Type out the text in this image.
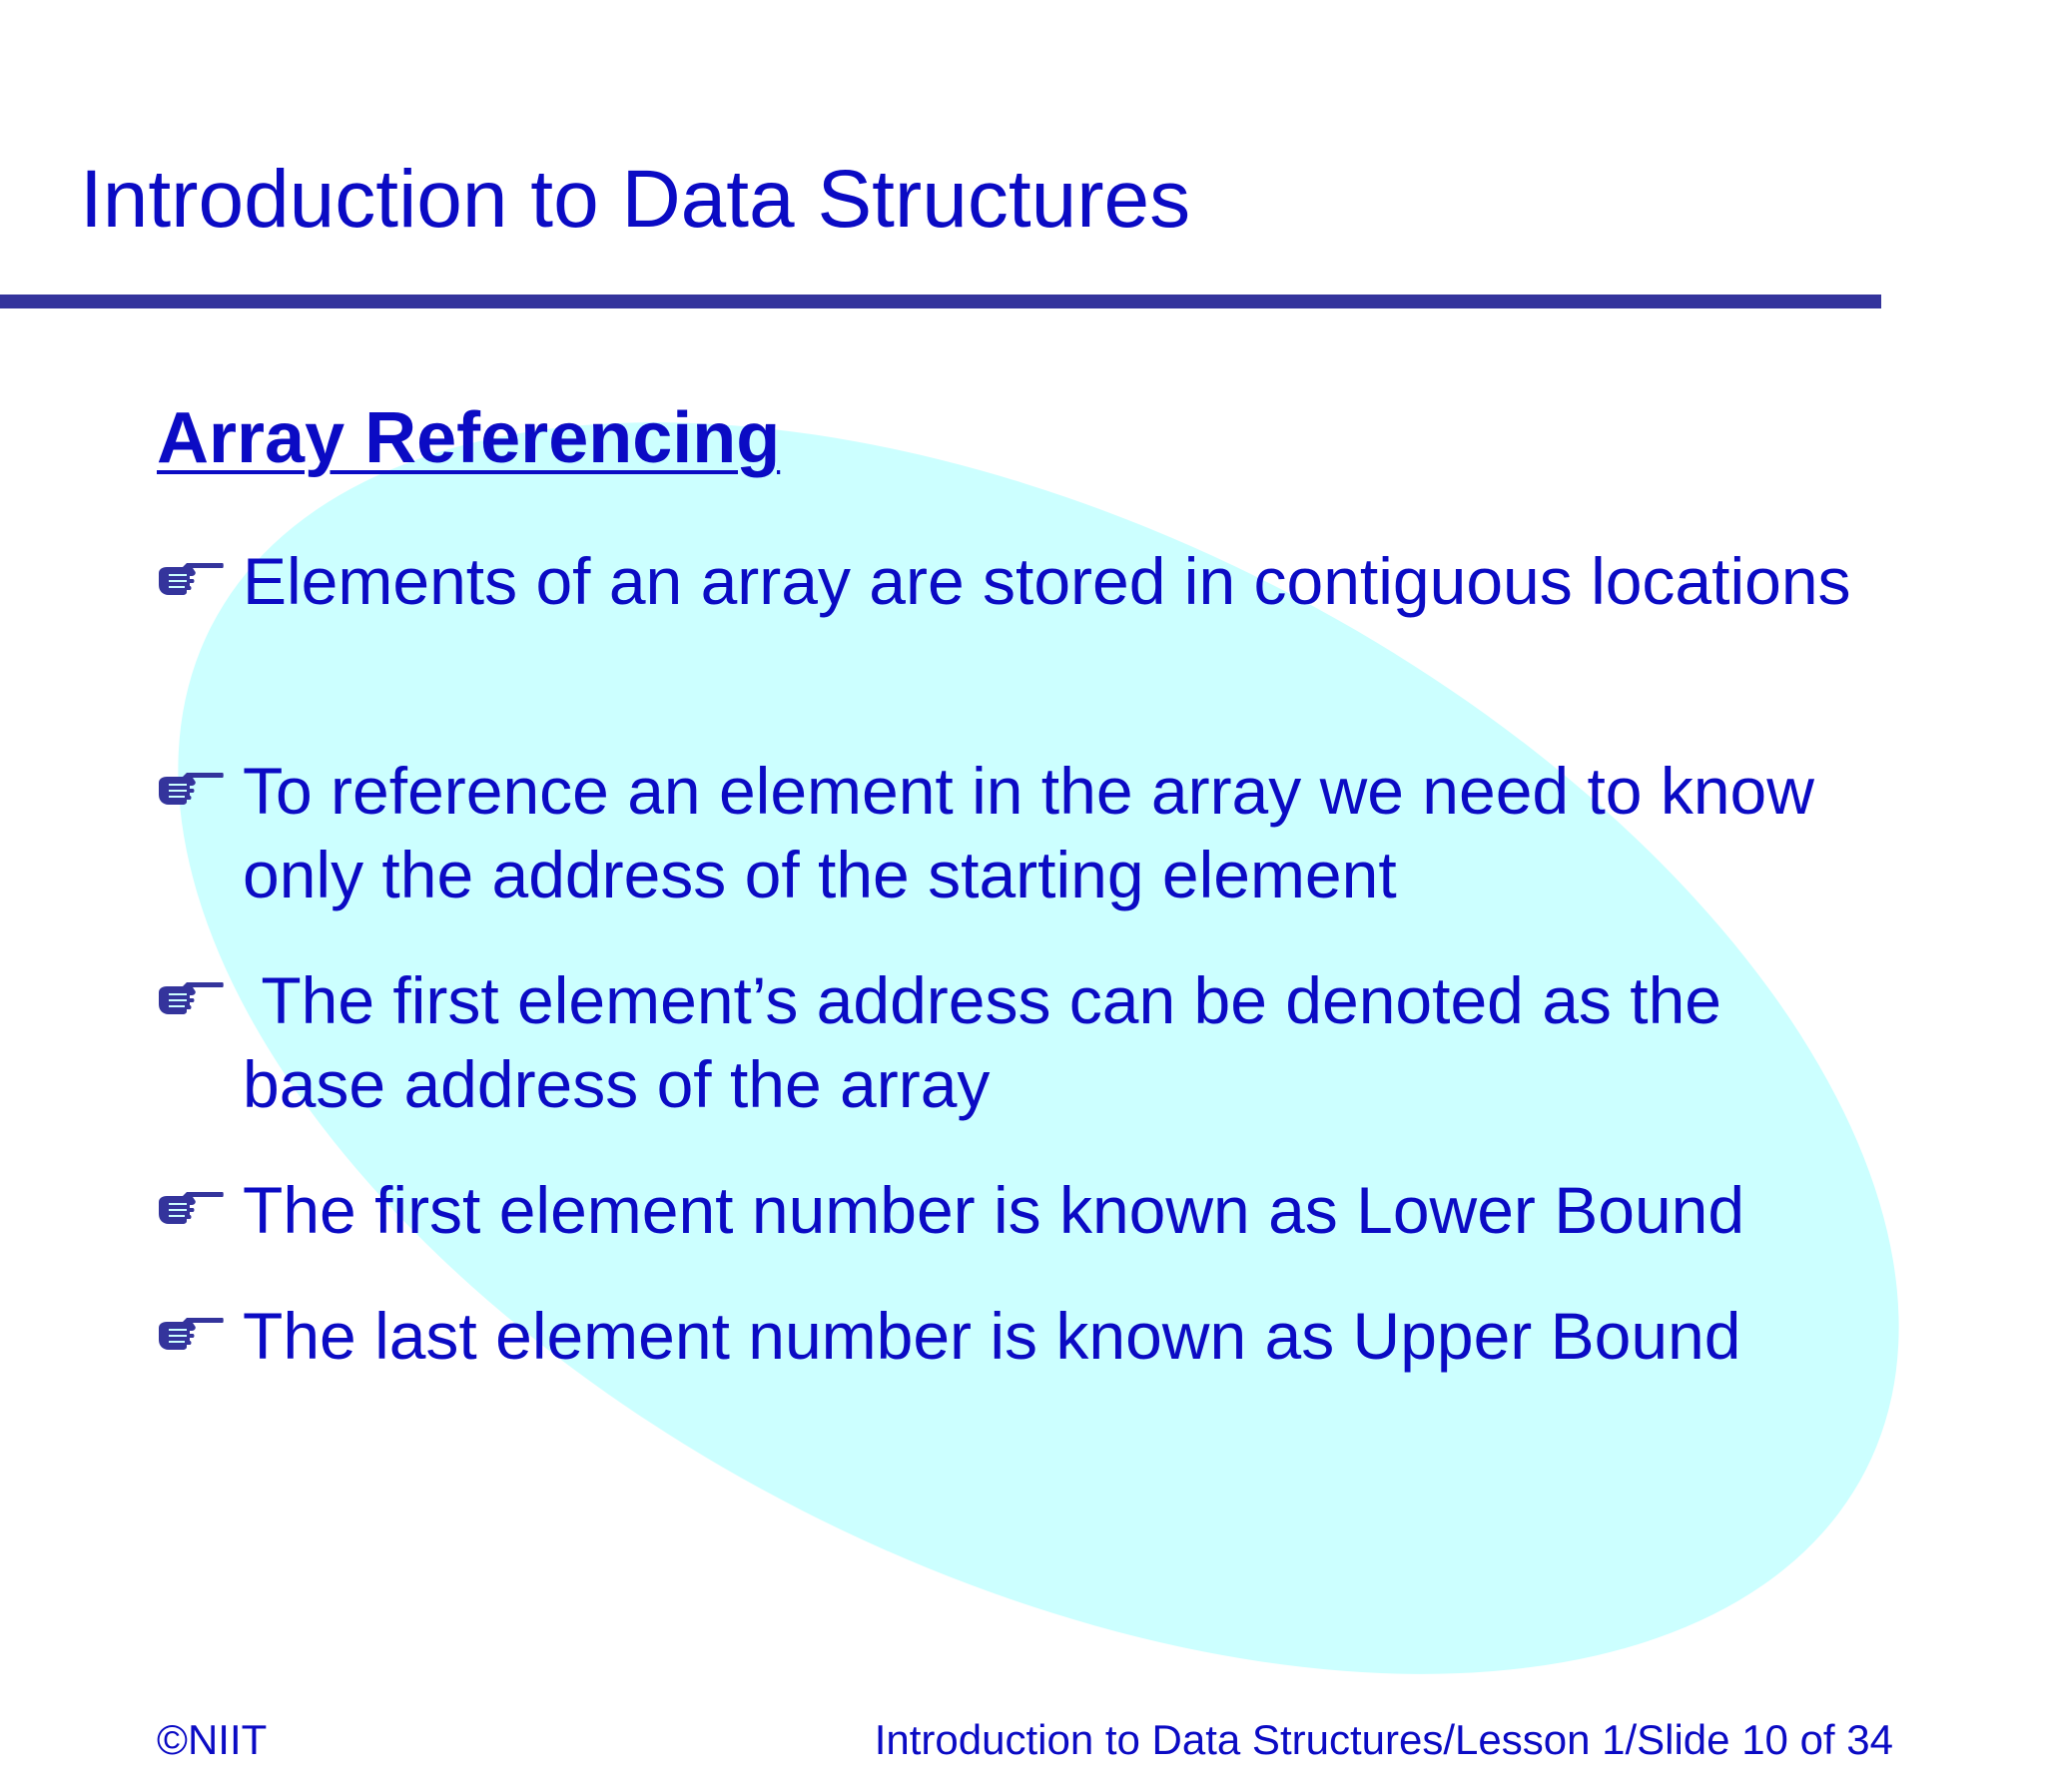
Introduction to Data Structures
Array Referencing
Elements of an array are stored in contiguous locations
To reference an element in the array we need to know only the address of the starting element
The first element’s address can be denoted as the base address of the array
The first element number is known as Lower Bound
The last element number is known as Upper Bound
©NIIT	Introduction to Data Structures/Lesson 1/Slide 10 of 34
